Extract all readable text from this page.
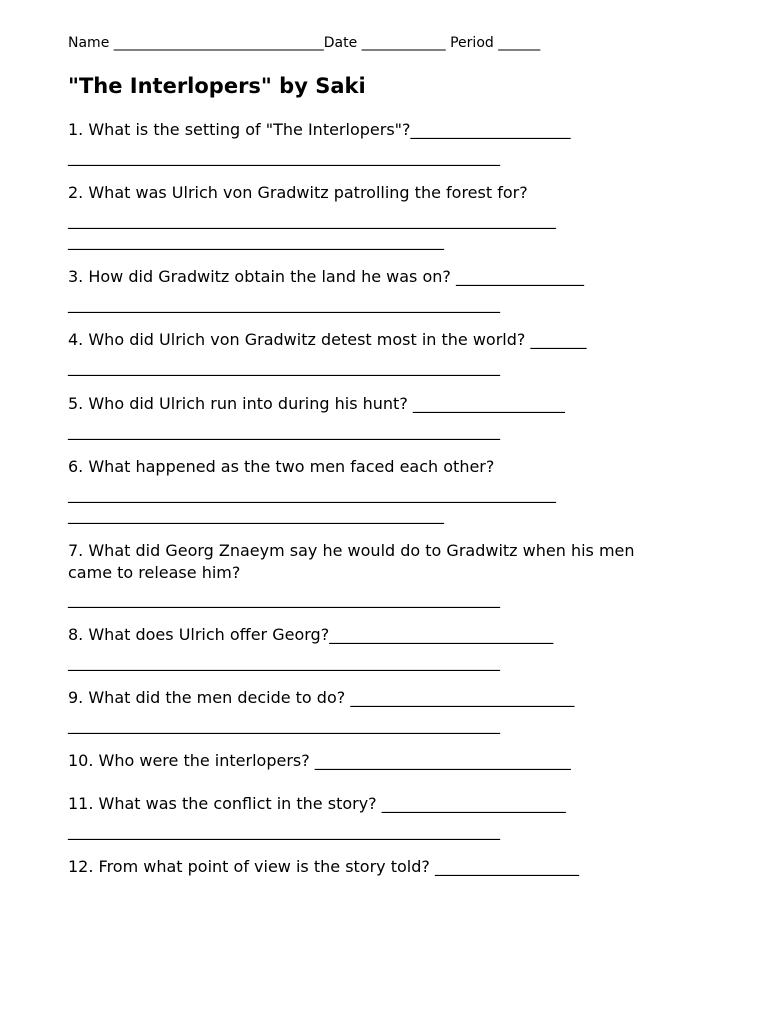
Name ______________________________Date ____________ Period ______
"The Interlopers" by Saki
1. What is the setting of "The Interlopers"?____________________
______________________________________________________
2. What was Ulrich von Gradwitz patrolling the forest for?
_____________________________________________________________
_______________________________________________
3. How did Gradwitz obtain the land he was on? ________________
______________________________________________________
4. Who did Ulrich von Gradwitz detest most in the world? _______
______________________________________________________
5. Who did Ulrich run into during his hunt? ___________________
______________________________________________________
6. What happened as the two men faced each other?
_____________________________________________________________
_______________________________________________
7. What did Georg Znaeym say he would do to Gradwitz when his men
came to release him?
______________________________________________________
8. What does Ulrich offer Georg?____________________________
______________________________________________________
9. What did the men decide to do? ____________________________
______________________________________________________
10. Who were the interlopers? ________________________________
11. What was the conflict in the story? _______________________
______________________________________________________
12. From what point of view is the story told? __________________
